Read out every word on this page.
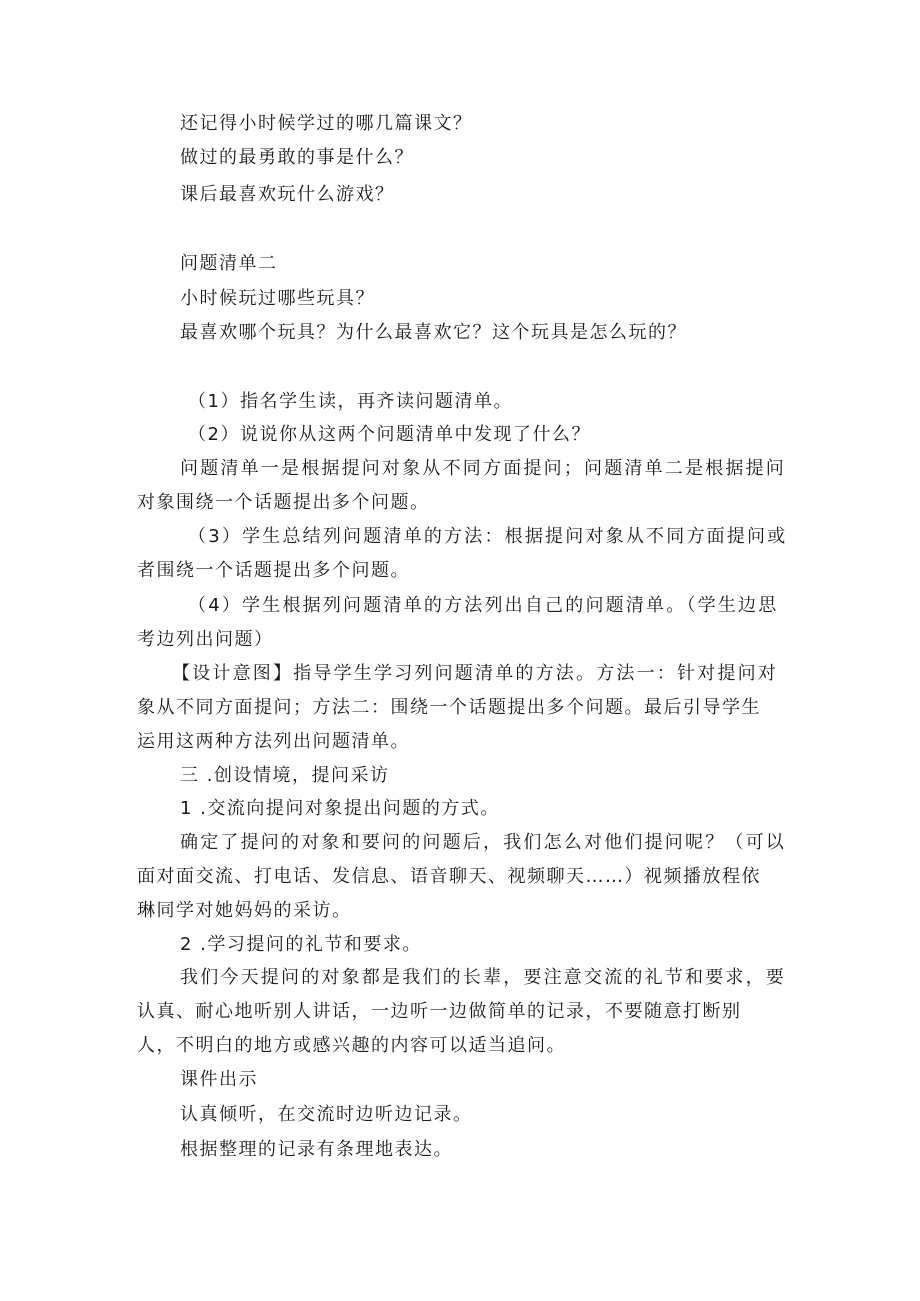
还记得小时候学过的哪几篇课文？
做过的最勇敢的事是什么？
课后最喜欢玩什么游戏？
问题清单二
小时候玩过哪些玩具？
最喜欢哪个玩具？为什么最喜欢它？这个玩具是怎么玩的？
（1）指名学生读，再齐读问题清单。
（2）说说你从这两个问题清单中发现了什么？
问题清单一是根据提问对象从不同方面提问；问题清单二是根据提问
对象围绕一个话题提出多个问题。
（3）学生总结列问题清单的方法：根据提问对象从不同方面提问或
者围绕一个话题提出多个问题。
（4）学生根据列问题清单的方法列出自己的问题清单。（学生边思
考边列出问题）
【设计意图】指导学生学习列问题清单的方法。方法一：针对提问对
象从不同方面提问；方法二：围绕一个话题提出多个问题。最后引导学生
运用这两种方法列出问题清单。
三 .创设情境，提问采访
1 .交流向提问对象提出问题的方式。
确定了提问的对象和要问的问题后，我们怎么对他们提问呢？（可以
面对面交流、打电话、发信息、语音聊天、视频聊天……）视频播放程依
琳同学对她妈妈的采访。
2 .学习提问的礼节和要求。
我们今天提问的对象都是我们的长辈，要注意交流的礼节和要求，要
认真、耐心地听别人讲话，一边听一边做简单的记录，不要随意打断别
人，不明白的地方或感兴趣的内容可以适当追问。
课件出示
认真倾听，在交流时边听边记录。
根据整理的记录有条理地表达。
